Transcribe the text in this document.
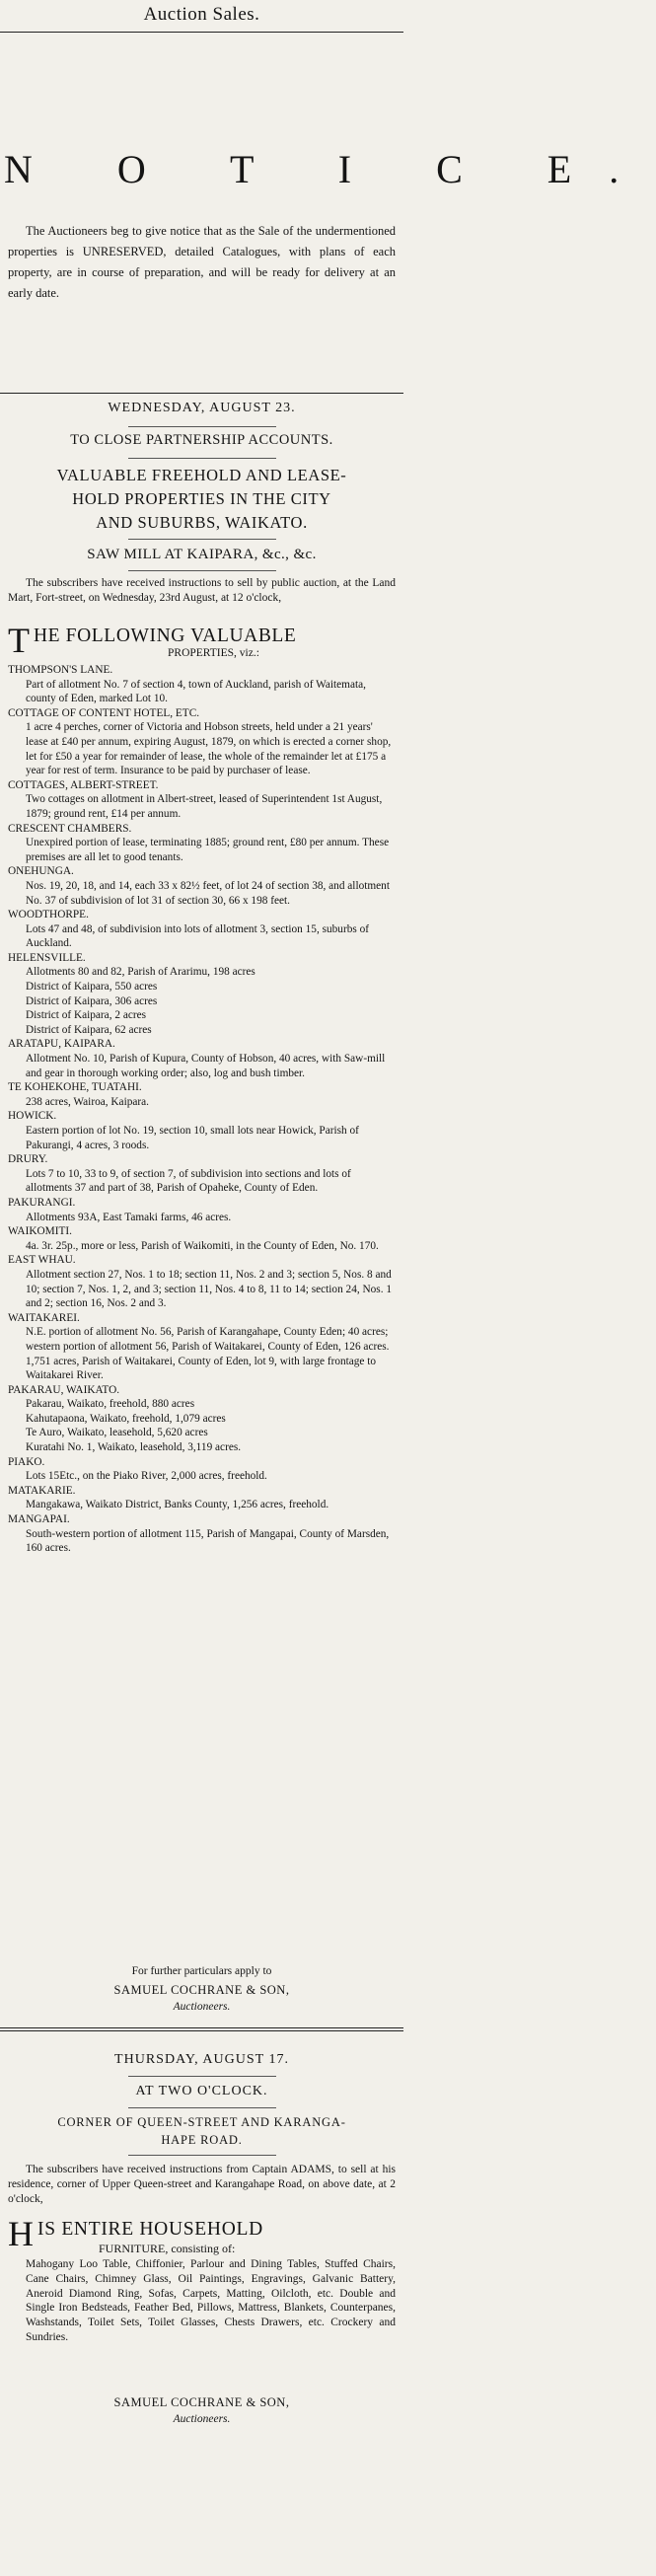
Auction Sales.
N O T I C E.
The Auctioneers beg to give notice that as the Sale of the undermentioned properties is UNRESERVED, detailed Catalogues, with plans of each property, are in course of preparation, and will be ready for delivery at an early date.
WEDNESDAY, AUGUST 23.
TO CLOSE PARTNERSHIP ACCOUNTS.
VALUABLE FREEHOLD AND LEASE-
HOLD PROPERTIES IN THE CITY
AND SUBURBS, WAIKATO.
SAW MILL AT KAIPARA, &c., &c.
The subscribers have received instructions to sell by public auction, at the Land Mart, Fort-street, on Wednesday, 23rd August, at 12 o'clock,
T HE FOLLOWING VALUABLE
PROPERTIES, viz.:
THOMPSON'S LANE.
Part of allotment No. 7 of section 4, town of Auckland, parish of Waitemata, county of Eden, marked Lot 10.
COTTAGE OF CONTENT HOTEL, ETC.
1 acre 4 perches, corner of Victoria and Hobson streets, held under a 21 years' lease at £40 per annum, expiring August, 1879, on which is erected a corner shop, let for £50 a year for remainder of lease, the whole of the remainder let at £175 a year for rest of term. Insurance to be paid by purchaser of lease.
COTTAGES, ALBERT-STREET.
Two cottages on allotment in Albert-street, leased of Superintendent 1st August, 1879; ground rent, £14 per annum.
CRESCENT CHAMBERS.
Unexpired portion of lease, terminating 1885; ground rent, £80 per annum. These premises are all let to good tenants.
ONEHUNGA.
Nos. 19, 20, 18, and 14, each 33 x 82½ feet, of lot 24 of section 38, and allotment No. 37 of subdivision of lot 31 of section 30, 66 x 198 feet.
WOODTHORPE.
Lots 47 and 48, of subdivision into lots of allotment 3, section 15, suburbs of Auckland.
HELENSVILLE.
Allotments 80 and 82, Parish of Ararimu, 198 acres
District of Kaipara, 550 acres
District of Kaipara, 306 acres
District of Kaipara, 2 acres
District of Kaipara, 62 acres
ARATAPU, KAIPARA.
Allotment No. 10, Parish of Kupura, County of Hobson, 40 acres, with Saw-mill and gear in thorough working order; also, log and bush timber.
TE KOHEKOHE, TUATAHI.
238 acres, Wairoa, Kaipara.
HOWICK.
Eastern portion of lot No. 19, section 10, small lots near Howick, Parish of Pakurangi, 4 acres, 3 roods.
DRURY.
Lots 7 to 10, 33 to 9, of section 7, of subdivision into sections and lots of allotments 37 and part of 38, Parish of Opaheke, County of Eden.
PAKURANGI.
Allotments 93A, East Tamaki farms, 46 acres.
WAIKOMITI.
4a. 3r. 25p., more or less, Parish of Waikomiti, in the County of Eden, No. 170.
EAST WHAU.
Allotment section 27, Nos. 1 to 18; section 11, Nos. 2 and 3; section 5, Nos. 8 and 10; section 7, Nos. 1, 2, and 3; section 11, Nos. 4 to 8, 11 to 14; section 24, Nos. 1 and 2; section 16, Nos. 2 and 3.
WAITAKAREI.
N.E. portion of allotment No. 56, Parish of Karangahape, County Eden; 40 acres; western portion of allotment 56, Parish of Waitakarei, County of Eden, 126 acres.
1,751 acres, Parish of Waitakarei, County of Eden, lot 9, with large frontage to Waitakarei River.
PAKARAU, WAIKATO.
Pakarau, Waikato, freehold, 880 acres
Kahutapaona, Waikato, freehold, 1,079 acres
Te Auro, Waikato, leasehold, 5,620 acres
Kuratahi No. 1, Waikato, leasehold, 3,119 acres.
PIAKO.
Lots 15Etc., on the Piako River, 2,000 acres, freehold.
MATAKARIE.
Mangakawa, Waikato District, Banks County, 1,256 acres, freehold.
MANGAPAI.
South-western portion of allotment 115, Parish of Mangapai, County of Marsden, 160 acres.
For further particulars apply to
SAMUEL COCHRANE & SON,
Auctioneers.
THURSDAY, AUGUST 17.
AT TWO O'CLOCK.
CORNER OF QUEEN-STREET AND KARANGA-
HAPE ROAD.
The subscribers have received instructions from Captain ADAMS, to sell at his residence, corner of Upper Queen-street and Karangahape Road, on above date, at 2 o'clock,
H IS ENTIRE HOUSEHOLD
FURNITURE, consisting of:
Mahogany Loo Table, Chiffonier, Parlour and Dining Tables, Stuffed Chairs, Cane Chairs, Chimney Glass, Oil Paintings, Engravings, Galvanic Battery, Aneroid Diamond Ring, Sofas, Carpets, Matting, Oilcloth, etc. Double and Single Iron Bedsteads, Feather Bed, Pillows, Mattress, Blankets, Counterpanes, Washstands, Toilet Sets, Toilet Glasses, Chests Drawers, etc. Crockery and Sundries.
SAMUEL COCHRANE & SON,
Auctioneers.
